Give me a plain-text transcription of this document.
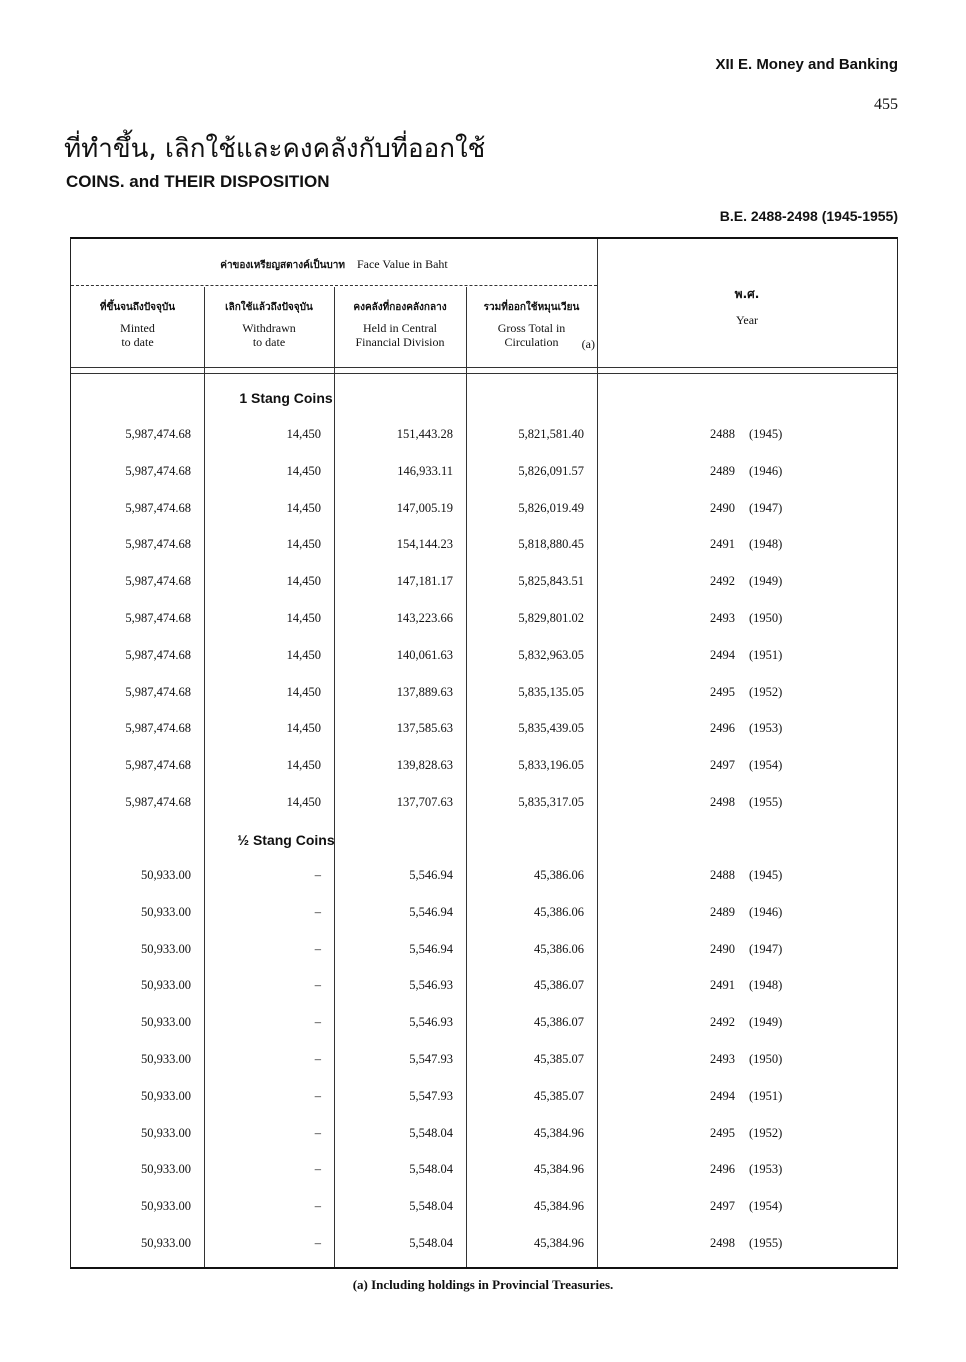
XII E. Money and Banking
455
ที่ทำขึ้น, เลิกใช้และคงคลังกับที่ออกใช้
COINS. and THEIR DISPOSITION
B.E. 2488-2498 (1945-1955)
ค่าของเหรียญสตางค์เป็นบาท Face Value in Baht
ที่ขึ้นจนถึงปัจจุบัน
Minted
to date
เลิกใช้แล้วถึงปัจจุบัน
Withdrawn
to date
คงคลังที่กองคลังกลาง
Held in Central
Financial Division
รวมที่ออกใช้หมุนเวียน
Gross Total in
Circulation	(a)
พ.ศ.
Year
1 Stang Coins
5,987,474.68	14,450	151,443.28	5,821,581.40	2488 (1945)
5,987,474.68	14,450	146,933.11	5,826,091.57	2489 (1946)
5,987,474.68	14,450	147,005.19	5,826,019.49	2490 (1947)
5,987,474.68	14,450	154,144.23	5,818,880.45	2491 (1948)
5,987,474.68	14,450	147,181.17	5,825,843.51	2492 (1949)
5,987,474.68	14,450	143,223.66	5,829,801.02	2493 (1950)
5,987,474.68	14,450	140,061.63	5,832,963.05	2494 (1951)
5,987,474.68	14,450	137,889.63	5,835,135.05	2495 (1952)
5,987,474.68	14,450	137,585.63	5,835,439.05	2496 (1953)
5,987,474.68	14,450	139,828.63	5,833,196.05	2497 (1954)
5,987,474.68	14,450	137,707.63	5,835,317.05	2498 (1955)
½ Stang Coins
50,933.00	–	5,546.94	45,386.06	2488 (1945)
50,933.00	–	5,546.94	45,386.06	2489 (1946)
50,933.00	–	5,546.94	45,386.06	2490 (1947)
50,933.00	–	5,546.93	45,386.07	2491 (1948)
50,933.00	–	5,546.93	45,386.07	2492 (1949)
50,933.00	–	5,547.93	45,385.07	2493 (1950)
50,933.00	–	5,547.93	45,385.07	2494 (1951)
50,933.00	–	5,548.04	45,384.96	2495 (1952)
50,933.00	–	5,548.04	45,384.96	2496 (1953)
50,933.00	–	5,548.04	45,384.96	2497 (1954)
50,933.00	–	5,548.04	45,384.96	2498 (1955)
(a) Including holdings in Provincial Treasuries.
